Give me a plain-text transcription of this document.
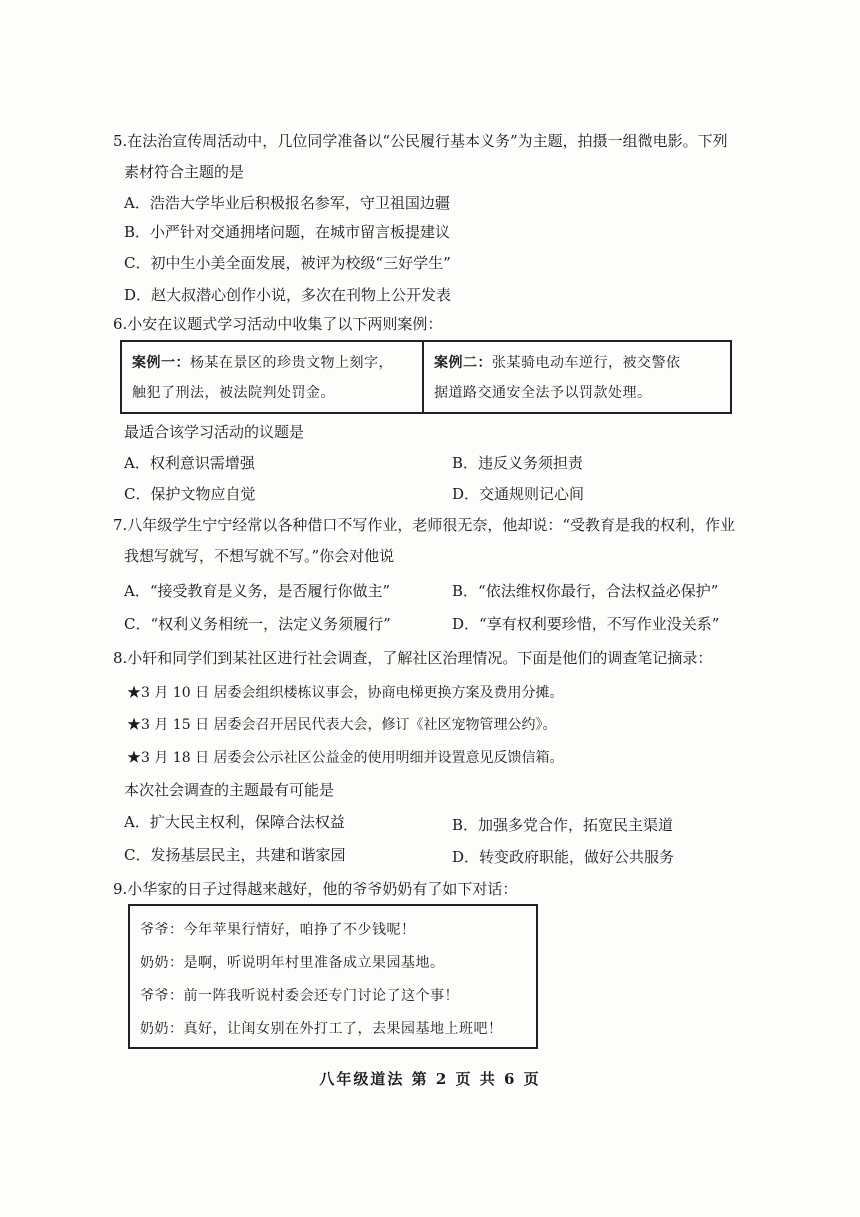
5.在法治宣传周活动中，几位同学准备以“公民履行基本义务”为主题，拍摄一组微电影。下列
素材符合主题的是
A．浩浩大学毕业后积极报名参军，守卫祖国边疆
B．小严针对交通拥堵问题，在城市留言板提建议
C．初中生小美全面发展，被评为校级“三好学生”
D．赵大叔潜心创作小说，多次在刊物上公开发表
6.小安在议题式学习活动中收集了以下两则案例：
案例一：杨某在景区的珍贵文物上刻字，
触犯了刑法，被法院判处罚金。
案例二：张某骑电动车逆行，被交警依
据道路交通安全法予以罚款处理。
最适合该学习活动的议题是
A．权利意识需增强	B．违反义务须担责
C．保护文物应自觉	D．交通规则记心间
7.八年级学生宁宁经常以各种借口不写作业，老师很无奈，他却说：“受教育是我的权利，作业
我想写就写，不想写就不写。”你会对他说
A．“接受教育是义务，是否履行你做主”	B．“依法维权你最行，合法权益必保护”
C．“权利义务相统一，法定义务须履行”	D．“享有权利要珍惜，不写作业没关系”
8.小轩和同学们到某社区进行社会调查，了解社区治理情况。下面是他们的调查笔记摘录：
★3 月 10 日 居委会组织楼栋议事会，协商电梯更换方案及费用分摊。
★3 月 15 日 居委会召开居民代表大会，修订《社区宠物管理公约》。
★3 月 18 日 居委会公示社区公益金的使用明细并设置意见反馈信箱。
本次社会调查的主题最有可能是
A．扩大民主权利，保障合法权益	B．加强多党合作，拓宽民主渠道
C．发扬基层民主，共建和谐家园	D．转变政府职能，做好公共服务
9.小华家的日子过得越来越好，他的爷爷奶奶有了如下对话：
爷爷：今年苹果行情好，咱挣了不少钱呢！
奶奶：是啊，听说明年村里准备成立果园基地。
爷爷：前一阵我听说村委会还专门讨论了这个事！
奶奶：真好，让闺女别在外打工了，去果园基地上班吧！
八年级道法 第 2 页 共 6 页
